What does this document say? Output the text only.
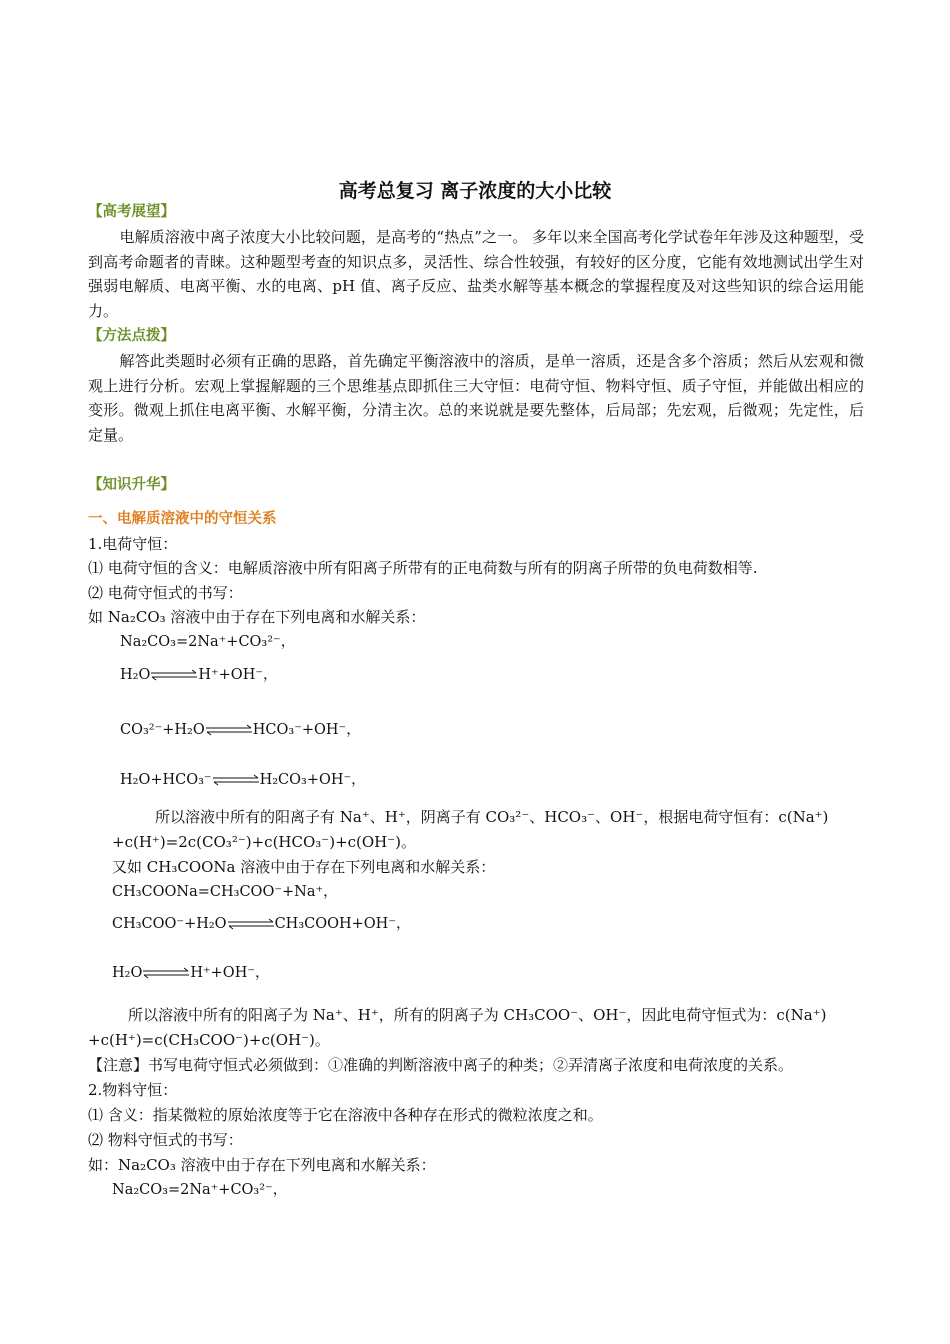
高考总复习 离子浓度的大小比较
【高考展望】
电解质溶液中离子浓度大小比较问题，是高考的“热点”之一。 多年以来全国高考化学试卷年年涉及这种题型，受到高考命题者的青睐。这种题型考查的知识点多，灵活性、综合性较强，有较好的区分度，它能有效地测试出学生对强弱电解质、电离平衡、水的电离、pH 值、离子反应、盐类水解等基本概念的掌握程度及对这些知识的综合运用能力。
【方法点拨】
解答此类题时必须有正确的思路，首先确定平衡溶液中的溶质，是单一溶质，还是含多个溶质；然后从宏观和微观上进行分析。宏观上掌握解题的三个思维基点即抓住三大守恒：电荷守恒、物料守恒、质子守恒，并能做出相应的变形。微观上抓住电离平衡、水解平衡，分清主次。总的来说就是要先整体，后局部；先宏观，后微观；先定性，后定量。
【知识升华】
一、电解质溶液中的守恒关系
1.电荷守恒：
⑴ 电荷守恒的含义：电解质溶液中所有阳离子所带有的正电荷数与所有的阴离子所带的负电荷数相等.
⑵ 电荷守恒式的书写：
如 Na₂CO₃ 溶液中由于存在下列电离和水解关系：
Na₂CO₃=2Na⁺+CO₃²⁻，
H₂O ⇌H⁺+OH⁻，
CO₃²⁻+H₂O⇌HCO₃⁻+OH⁻，
H₂O+HCO₃⁻⇌H₂CO₃+OH⁻，
所以溶液中所有的阳离子有 Na⁺、H⁺，阴离子有 CO₃²⁻、HCO₃⁻、OH⁻，根据电荷守恒有：c(Na⁺)
+c(H⁺)=2c(CO₃²⁻)+c(HCO₃⁻)+c(OH⁻)。
又如 CH₃COONa 溶液中由于存在下列电离和水解关系：
CH₃COONa=CH₃COO⁻+Na⁺，
CH₃COO⁻+H₂O ⇌CH₃COOH+OH⁻，
H₂O ⇌H⁺+OH⁻，
所以溶液中所有的阳离子为 Na⁺、H⁺，所有的阴离子为 CH₃COO⁻、OH⁻，因此电荷守恒式为：c(Na⁺)
+c(H⁺)=c(CH₃COO⁻)+c(OH⁻)。
【注意】书写电荷守恒式必须做到：①准确的判断溶液中离子的种类；②弄清离子浓度和电荷浓度的关系。
2.物料守恒：
⑴ 含义：指某微粒的原始浓度等于它在溶液中各种存在形式的微粒浓度之和。
⑵ 物料守恒式的书写：
如：Na₂CO₃ 溶液中由于存在下列电离和水解关系：
Na₂CO₃=2Na⁺+CO₃²⁻，
